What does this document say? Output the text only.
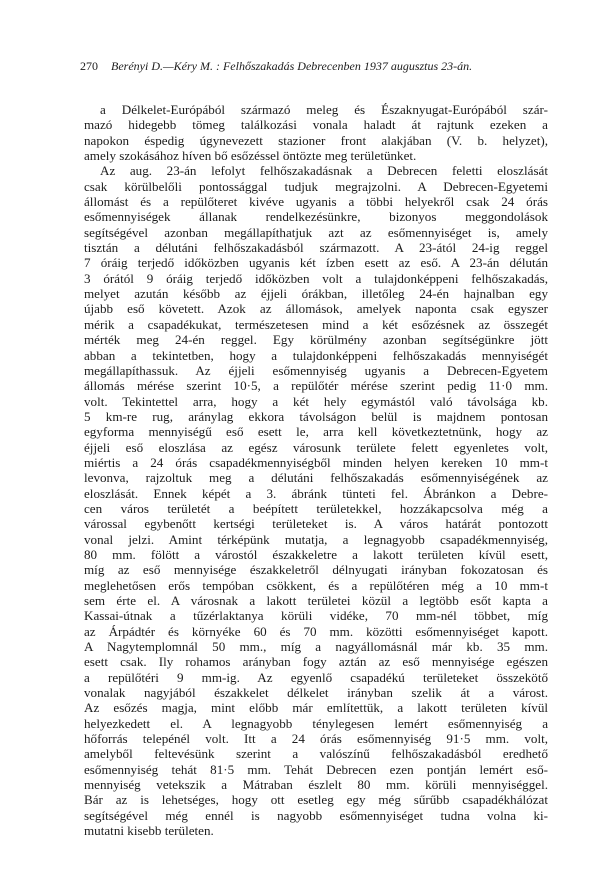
270 Berényi D.—Kéry M. : Felhőszakadás Debrecenben 1937 augusztus 23-án.
a Délkelet-Európából származó meleg és Északnyugat-Európából szár-
mazó hidegebb tömeg találkozási vonala haladt át rajtunk ezeken a
napokon éspedig úgynevezett stazioner front alakjában (V. b. helyzet),
amely szokásához híven bő esőzéssel öntözte meg területünket.
Az aug. 23-án lefolyt felhőszakadásnak a Debrecen feletti eloszlását
csak körülbelőli pontossággal tudjuk megrajzolni. A Debrecen-Egyetemi
állomást és a repülőteret kivéve ugyanis a többi helyekről csak 24 órás
esőmennyiségek állanak rendelkezésünkre, bizonyos meggondolások
segítségével azonban megállapíthatjuk azt az esőmennyiséget is, amely
tisztán a délutáni felhőszakadásból származott. A 23-ától 24-ig reggel
7 óráig terjedő időközben ugyanis két ízben esett az eső. A 23-án délután
3 órától 9 óráig terjedő időközben volt a tulajdonképpeni felhőszakadás,
melyet azután később az éjjeli órákban, illetőleg 24-én hajnalban egy
újabb eső követett. Azok az állomások, amelyek naponta csak egyszer
mérik a csapadékukat, természetesen mind a két esőzésnek az összegét
mérték meg 24-én reggel. Egy körülmény azonban segítségünkre jött
abban a tekintetben, hogy a tulajdonképpeni felhőszakadás mennyiségét
megállapíthassuk. Az éjjeli esőmennyiség ugyanis a Debrecen-Egyetem
állomás mérése szerint 10·5, a repülőtér mérése szerint pedig 11·0 mm.
volt. Tekintettel arra, hogy a két hely egymástól való távolsága kb.
5 km-re rug, aránylag ekkora távolságon belül is majdnem pontosan
egyforma mennyiségű eső esett le, arra kell következtetnünk, hogy az
éjjeli eső eloszlása az egész városunk területe felett egyenletes volt,
miértis a 24 órás csapadékmennyiségből minden helyen kereken 10 mm-t
levonva, rajzoltuk meg a délutáni felhőszakadás esőmennyiségének az
eloszlását. Ennek képét a 3. ábránk tünteti fel. Ábránkon a Debre-
cen város területét a beépített területekkel, hozzákapcsolva még a
várossal egybenőtt kertségi területeket is. A város határát pontozott
vonal jelzi. Amint térképünk mutatja, a legnagyobb csapadékmennyiség,
80 mm. fölött a várostól északkeletre a lakott területen kívül esett,
míg az eső mennyisége északkeletről délnyugati irányban fokozatosan és
meglehetősen erős tempóban csökkent, és a repülőtéren még a 10 mm-t
sem érte el. A városnak a lakott területei közül a legtöbb esőt kapta a
Kassai-útnak a tűzérlaktanya körüli vidéke, 70 mm-nél többet, míg
az Árpádtér és környéke 60 és 70 mm. közötti esőmennyiséget kapott.
A Nagytemplomnál 50 mm., míg a nagyállomásnál már kb. 35 mm.
esett csak. Ily rohamos arányban fogy aztán az eső mennyisége egészen
a repülőtéri 9 mm-ig. Az egyenlő csapadékú területeket összekötő
vonalak nagyjából északkelet délkelet irányban szelik át a várost.
Az esőzés magja, mint előbb már említettük, a lakott területen kívül
helyezkedett el. A legnagyobb ténylegesen lemért esőmennyiség a
hőforrás telepénél volt. Itt a 24 órás esőmennyiség 91·5 mm. volt,
amelyből feltevésünk szerint a valószínű felhőszakadásból eredhető
esőmennyiség tehát 81·5 mm. Tehát Debrecen ezen pontján lemért eső-
mennyiség vetekszik a Mátraban észlelt 80 mm. körüli mennyiséggel.
Bár az is lehetséges, hogy ott esetleg egy még sűrűbb csapadékhálózat
segítségével még ennél is nagyobb esőmennyiséget tudna volna ki-
mutatni kisebb területen.
